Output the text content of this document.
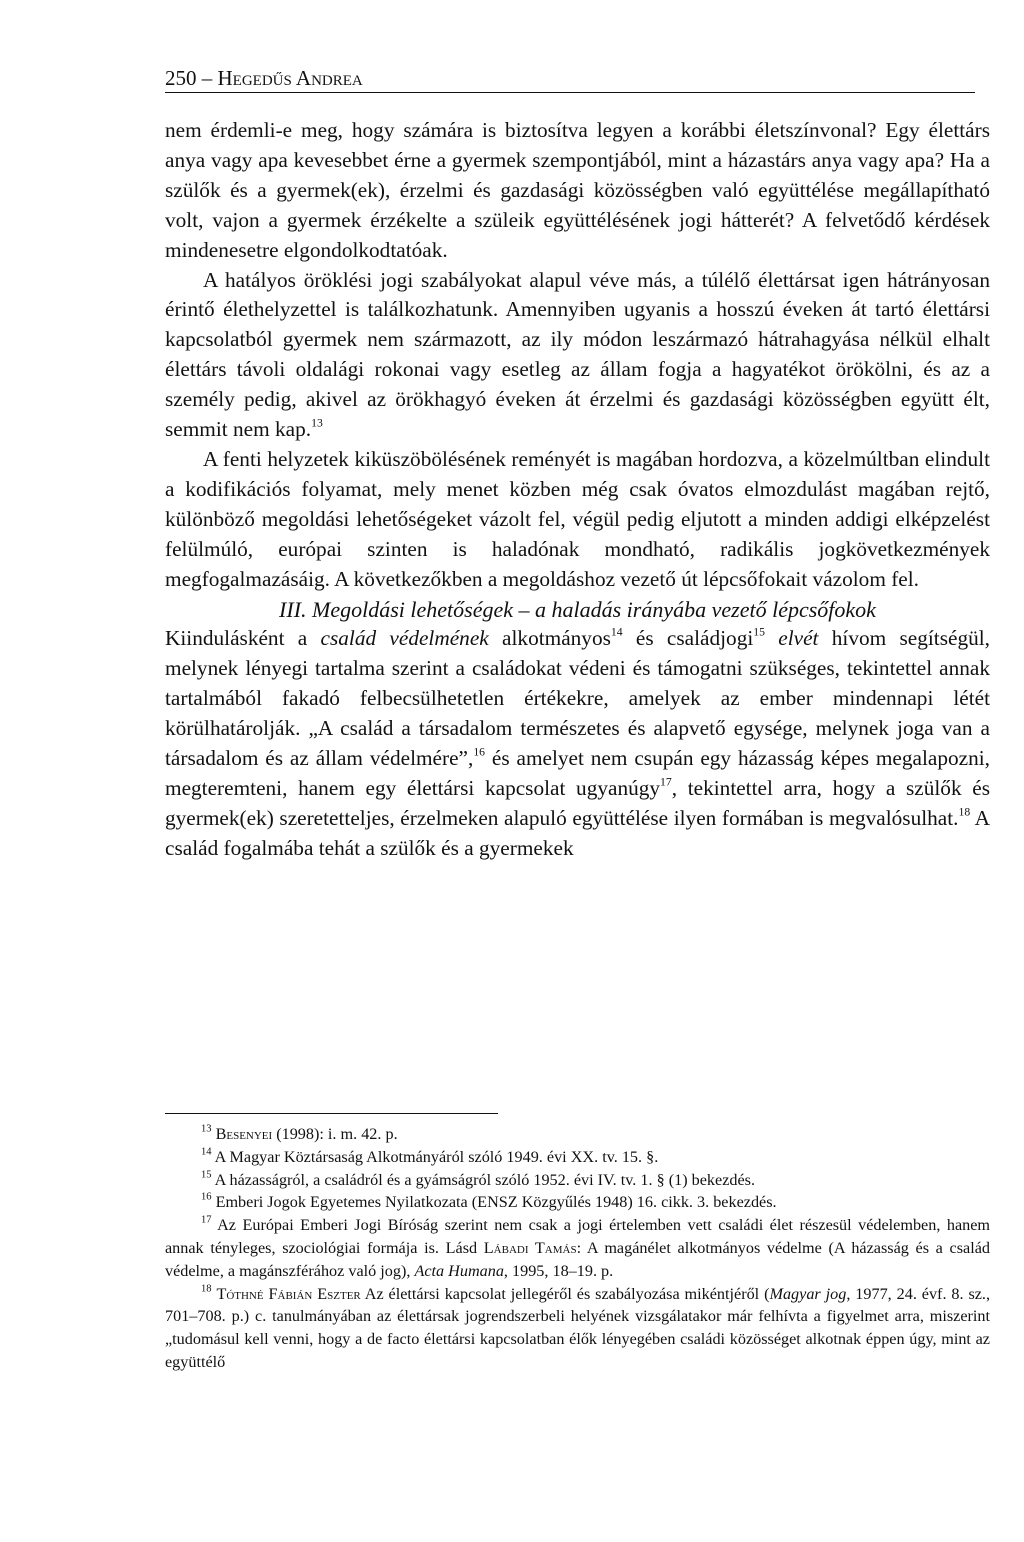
250 – Hegedűs Andrea

nem érdemli-e meg, hogy számára is biztosítva legyen a korábbi életszínvonal? Egy élettárs anya vagy apa kevesebbet érne a gyermek szempontjából, mint a házastárs anya vagy apa? Ha a szülők és a gyermek(ek), érzelmi és gazdasági közösségben való együttélése megállapítható volt, vajon a gyermek érzékelte a szüleik együttélésének jogi hátterét? A felvetődő kérdések mindenesetre elgondolkodtatóak.

A hatályos öröklési jogi szabályokat alapul véve más, a túlélő élettársat igen hátrányosan érintő élethelyzettel is találkozhatunk. Amennyiben ugyanis a hosszú éveken át tartó élettársi kapcsolatból gyermek nem származott, az ily módon leszármazó hátrahagyása nélkül elhalt élettárs távoli oldalági rokonai vagy esetleg az állam fogja a hagyatékot örökölni, és az a személy pedig, akivel az örökhagyó éveken át érzelmi és gazdasági közösségben együtt élt, semmit nem kap.$^{13}$

A fenti helyzetek kiküszöbölésének reményét is magában hordozva, a közelmúltban elindult a kodifikációs folyamat, mely menet közben még csak óvatos elmozdulást magában rejtő, különböző megoldási lehetőségeket vázolt fel, végül pedig eljutott a minden addigi elképzelést felülmúló, európai szinten is haladónak mondható, radikális jogkövetkezmények megfogalmazásáig. A következőkben a megoldáshoz vezető út lépcsőfokait vázolom fel.

III. Megoldási lehetőségek – a haladás irányába vezető lépcsőfokok

Kiindulásként a család védelmének alkotmányos$^{14}$ és családjogi$^{15}$ elvét hívom segítségül, melynek lényegi tartalma szerint a családokat védeni és támogatni szükséges, tekintettel annak tartalmából fakadó felbecsülhetetlen értékekre, amelyek az ember mindennapi létét körülhatárolják. „A család a társadalom természetes és alapvető egysége, melynek joga van a társadalom és az állam védelmére”,$^{16}$ és amelyet nem csupán egy házasság képes megalapozni, megteremteni, hanem egy élettársi kapcsolat ugyanúgy$^{17}$, tekintettel arra, hogy a szülők és gyermek(ek) szeretetteljes, érzelmeken alapuló együttélése ilyen formában is megvalósulhat.$^{18}$ A család fogalmába tehát a szülők és a gyermekek

$^{13}$ Besenyei (1998): i. m. 42. p.

$^{14}$ A Magyar Köztársaság Alkotmányáról szóló 1949. évi XX. tv. 15. §.

$^{15}$ A házasságról, a családról és a gyámságról szóló 1952. évi IV. tv. 1. § (1) bekezdés.

$^{16}$ Emberi Jogok Egyetemes Nyilatkozata (ENSZ Közgyűlés 1948) 16. cikk. 3. bekezdés.

$^{17}$ Az Európai Emberi Jogi Bíróság szerint nem csak a jogi értelemben vett családi élet részesül védelemben, hanem annak tényleges, szociológiai formája is. Lásd Lábadi Tamás: A magánélet alkotmányos védelme (A házasság és a család védelme, a magánszférához való jog), Acta Humana, 1995, 18–19. p.

$^{18}$ Tóthné Fábián Eszter Az élettársi kapcsolat jellegéről és szabályozása mikéntjéről (Magyar jog, 1977, 24. évf. 8. sz., 701–708. p.) c. tanulmányában az élettársak jogrendszerbeli helyének vizsgálatakor már felhívta a figyelmet arra, miszerint „tudomásul kell venni, hogy a de facto élettársi kapcsolatban élők lényegében családi közösséget alkotnak éppen úgy, mint az együttélő
